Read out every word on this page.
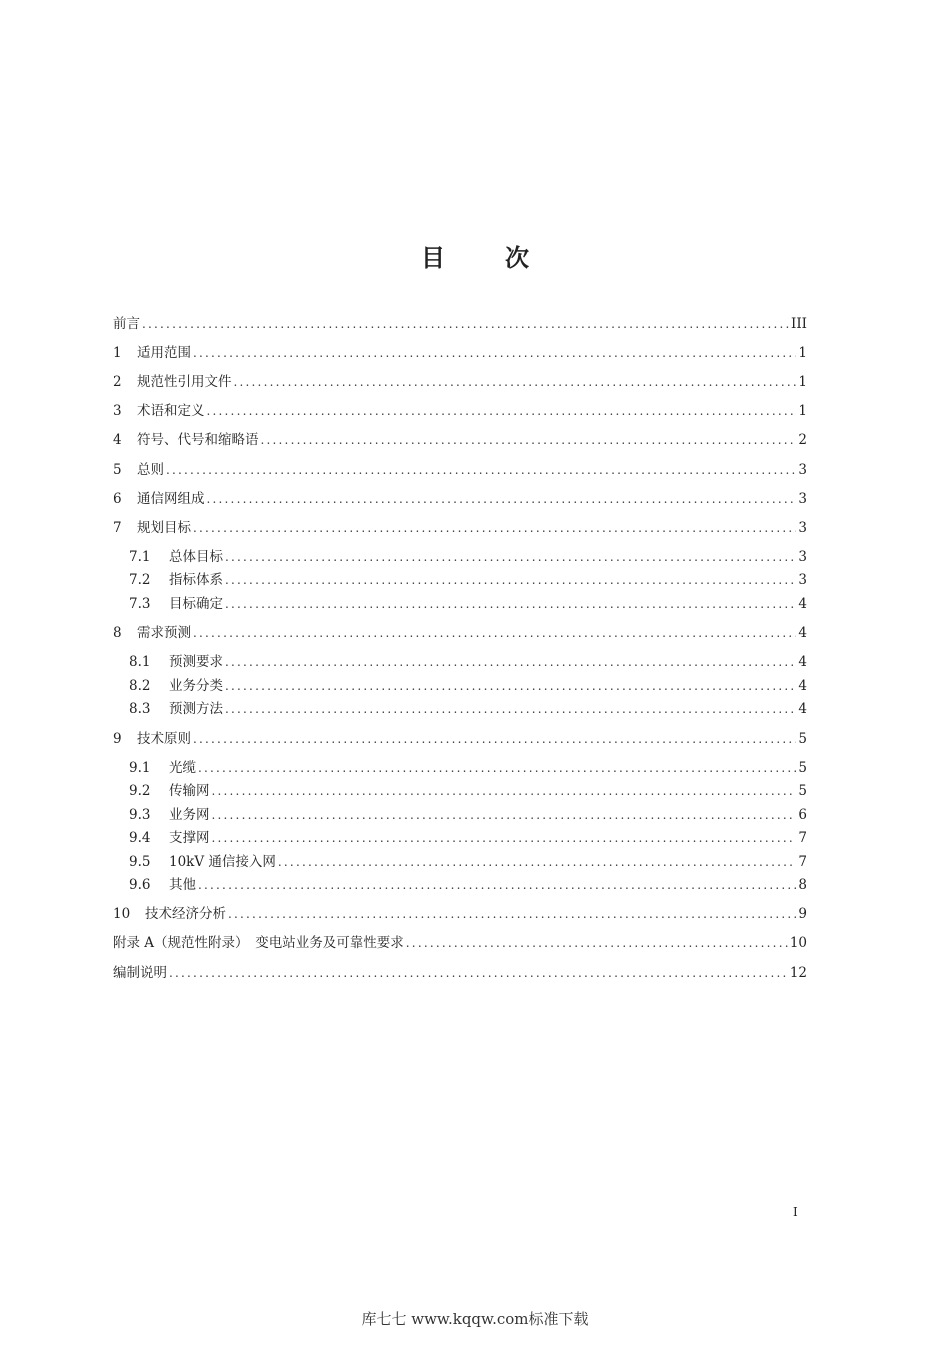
目	次
前言 .....	III
1	适用范围 .....	1
2	规范性引用文件 .....	1
3	术语和定义 .....	1
4	符号、代号和缩略语 .....	2
5	总则 .....	3
6	通信网组成 .....	3
7	规划目标 .....	3
7.1	总体目标 .....	3
7.2	指标体系 .....	3
7.3	目标确定 .....	4
8	需求预测 .....	4
8.1	预测要求 .....	4
8.2	业务分类 .....	4
8.3	预测方法 .....	4
9	技术原则 .....	5
9.1	光缆 .....	5
9.2	传输网 .....	5
9.3	业务网 .....	6
9.4	支撑网 .....	7
9.5	10kV 通信接入网 .....	7
9.6	其他 .....	8
10	技术经济分析 .....	9
附录 A（规范性附录）　变电站业务及可靠性要求 .....	10
编制说明 .....	12
I
库七七 www.kqqw.com标准下载
